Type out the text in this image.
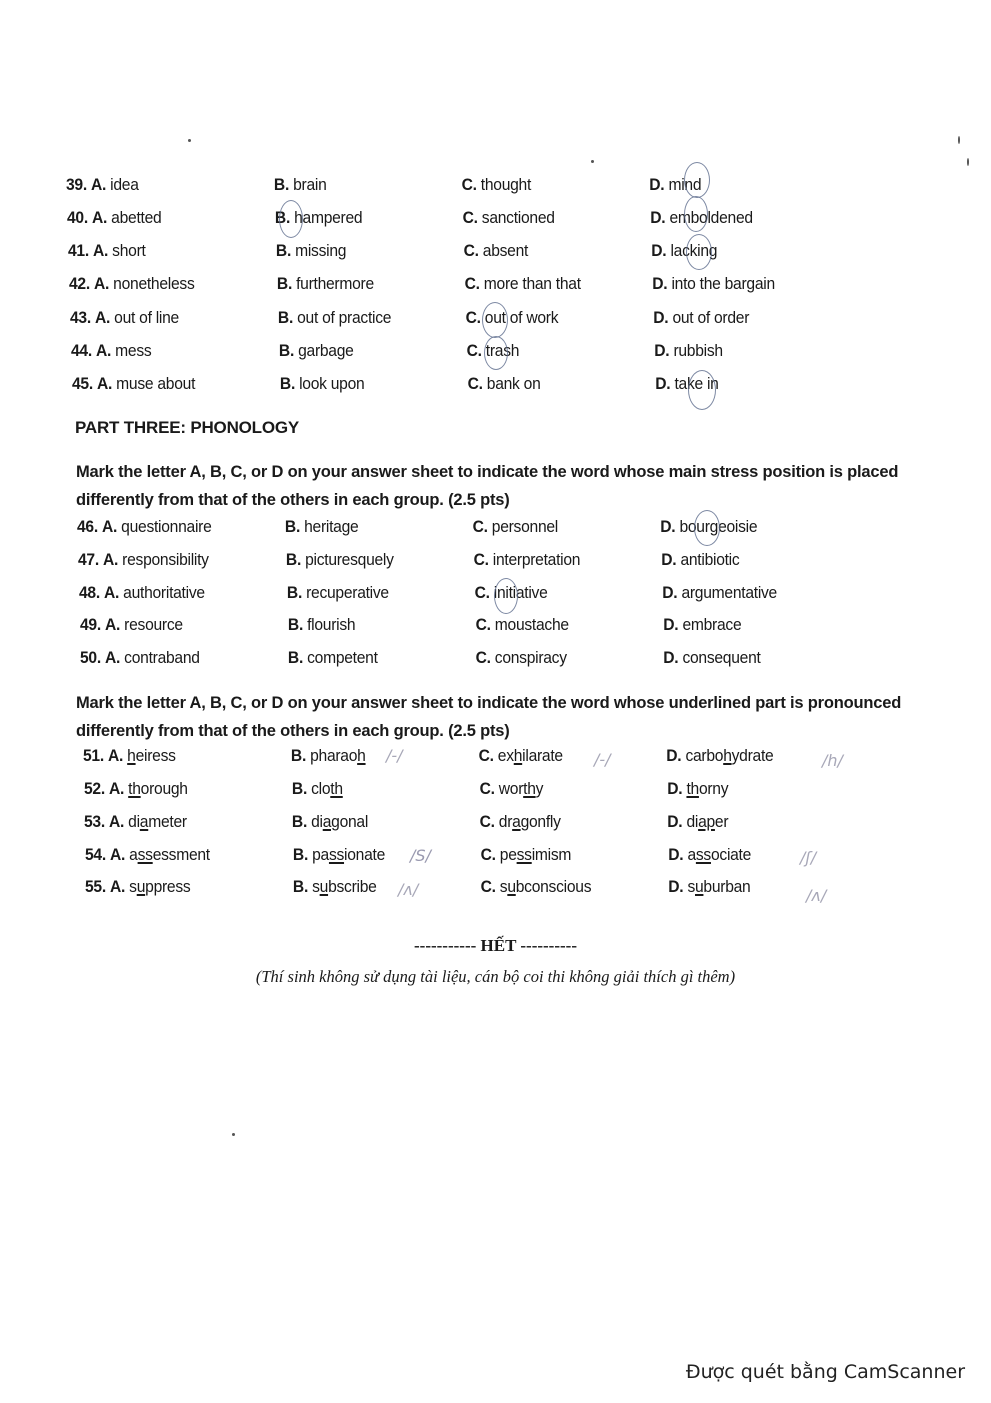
39. A. idea	B. brain	C. thought	D. mind
40. A. abetted	B. hampered	C. sanctioned	D. emboldened
41. A. short	B. missing	C. absent	D. lacking
42. A. nonetheless	B. furthermore	C. more than that	D. into the bargain
43. A. out of line	B. out of practice	C. out of work	D. out of order
44. A. mess	B. garbage	C. trash	D. rubbish
45. A. muse about	B. look upon	C. bank on	D. take in
PART THREE: PHONOLOGY
Mark the letter A, B, C, or D on your answer sheet to indicate the word whose main stress position is placed differently from that of the others in each group. (2.5 pts)
46. A. questionnaire	B. heritage	C. personnel	D. bourgeoisie
47. A. responsibility	B. picturesquely	C. interpretation	D. antibiotic
48. A. authoritative	B. recuperative	C. initiative	D. argumentative
49. A. resource	B. flourish	C. moustache	D. embrace
50. A. contraband	B. competent	C. conspiracy	D. consequent
Mark the letter A, B, C, or D on your answer sheet to indicate the word whose underlined part is pronounced differently from that of the others in each group. (2.5 pts)
51. A. heiress	B. pharaoh	C. exhilarate	D. carbohydrate
52. A. thorough	B. cloth	C. worthy	D. thorny
53. A. diameter	B. diagonal	C. dragonfly	D. diaper
54. A. assessment	B. passionate	C. pessimism	D. associate
55. A. suppress	B. subscribe	C. subconscious	D. suburban
----------- HẾT ----------
(Thí sinh không sử dụng tài liệu, cán bộ coi thi không giải thích gì thêm)
Được quét bằng CamScanner
/-/	/-/	/h/
/S/	/ʃ/
/ʌ/	/ʌ/
